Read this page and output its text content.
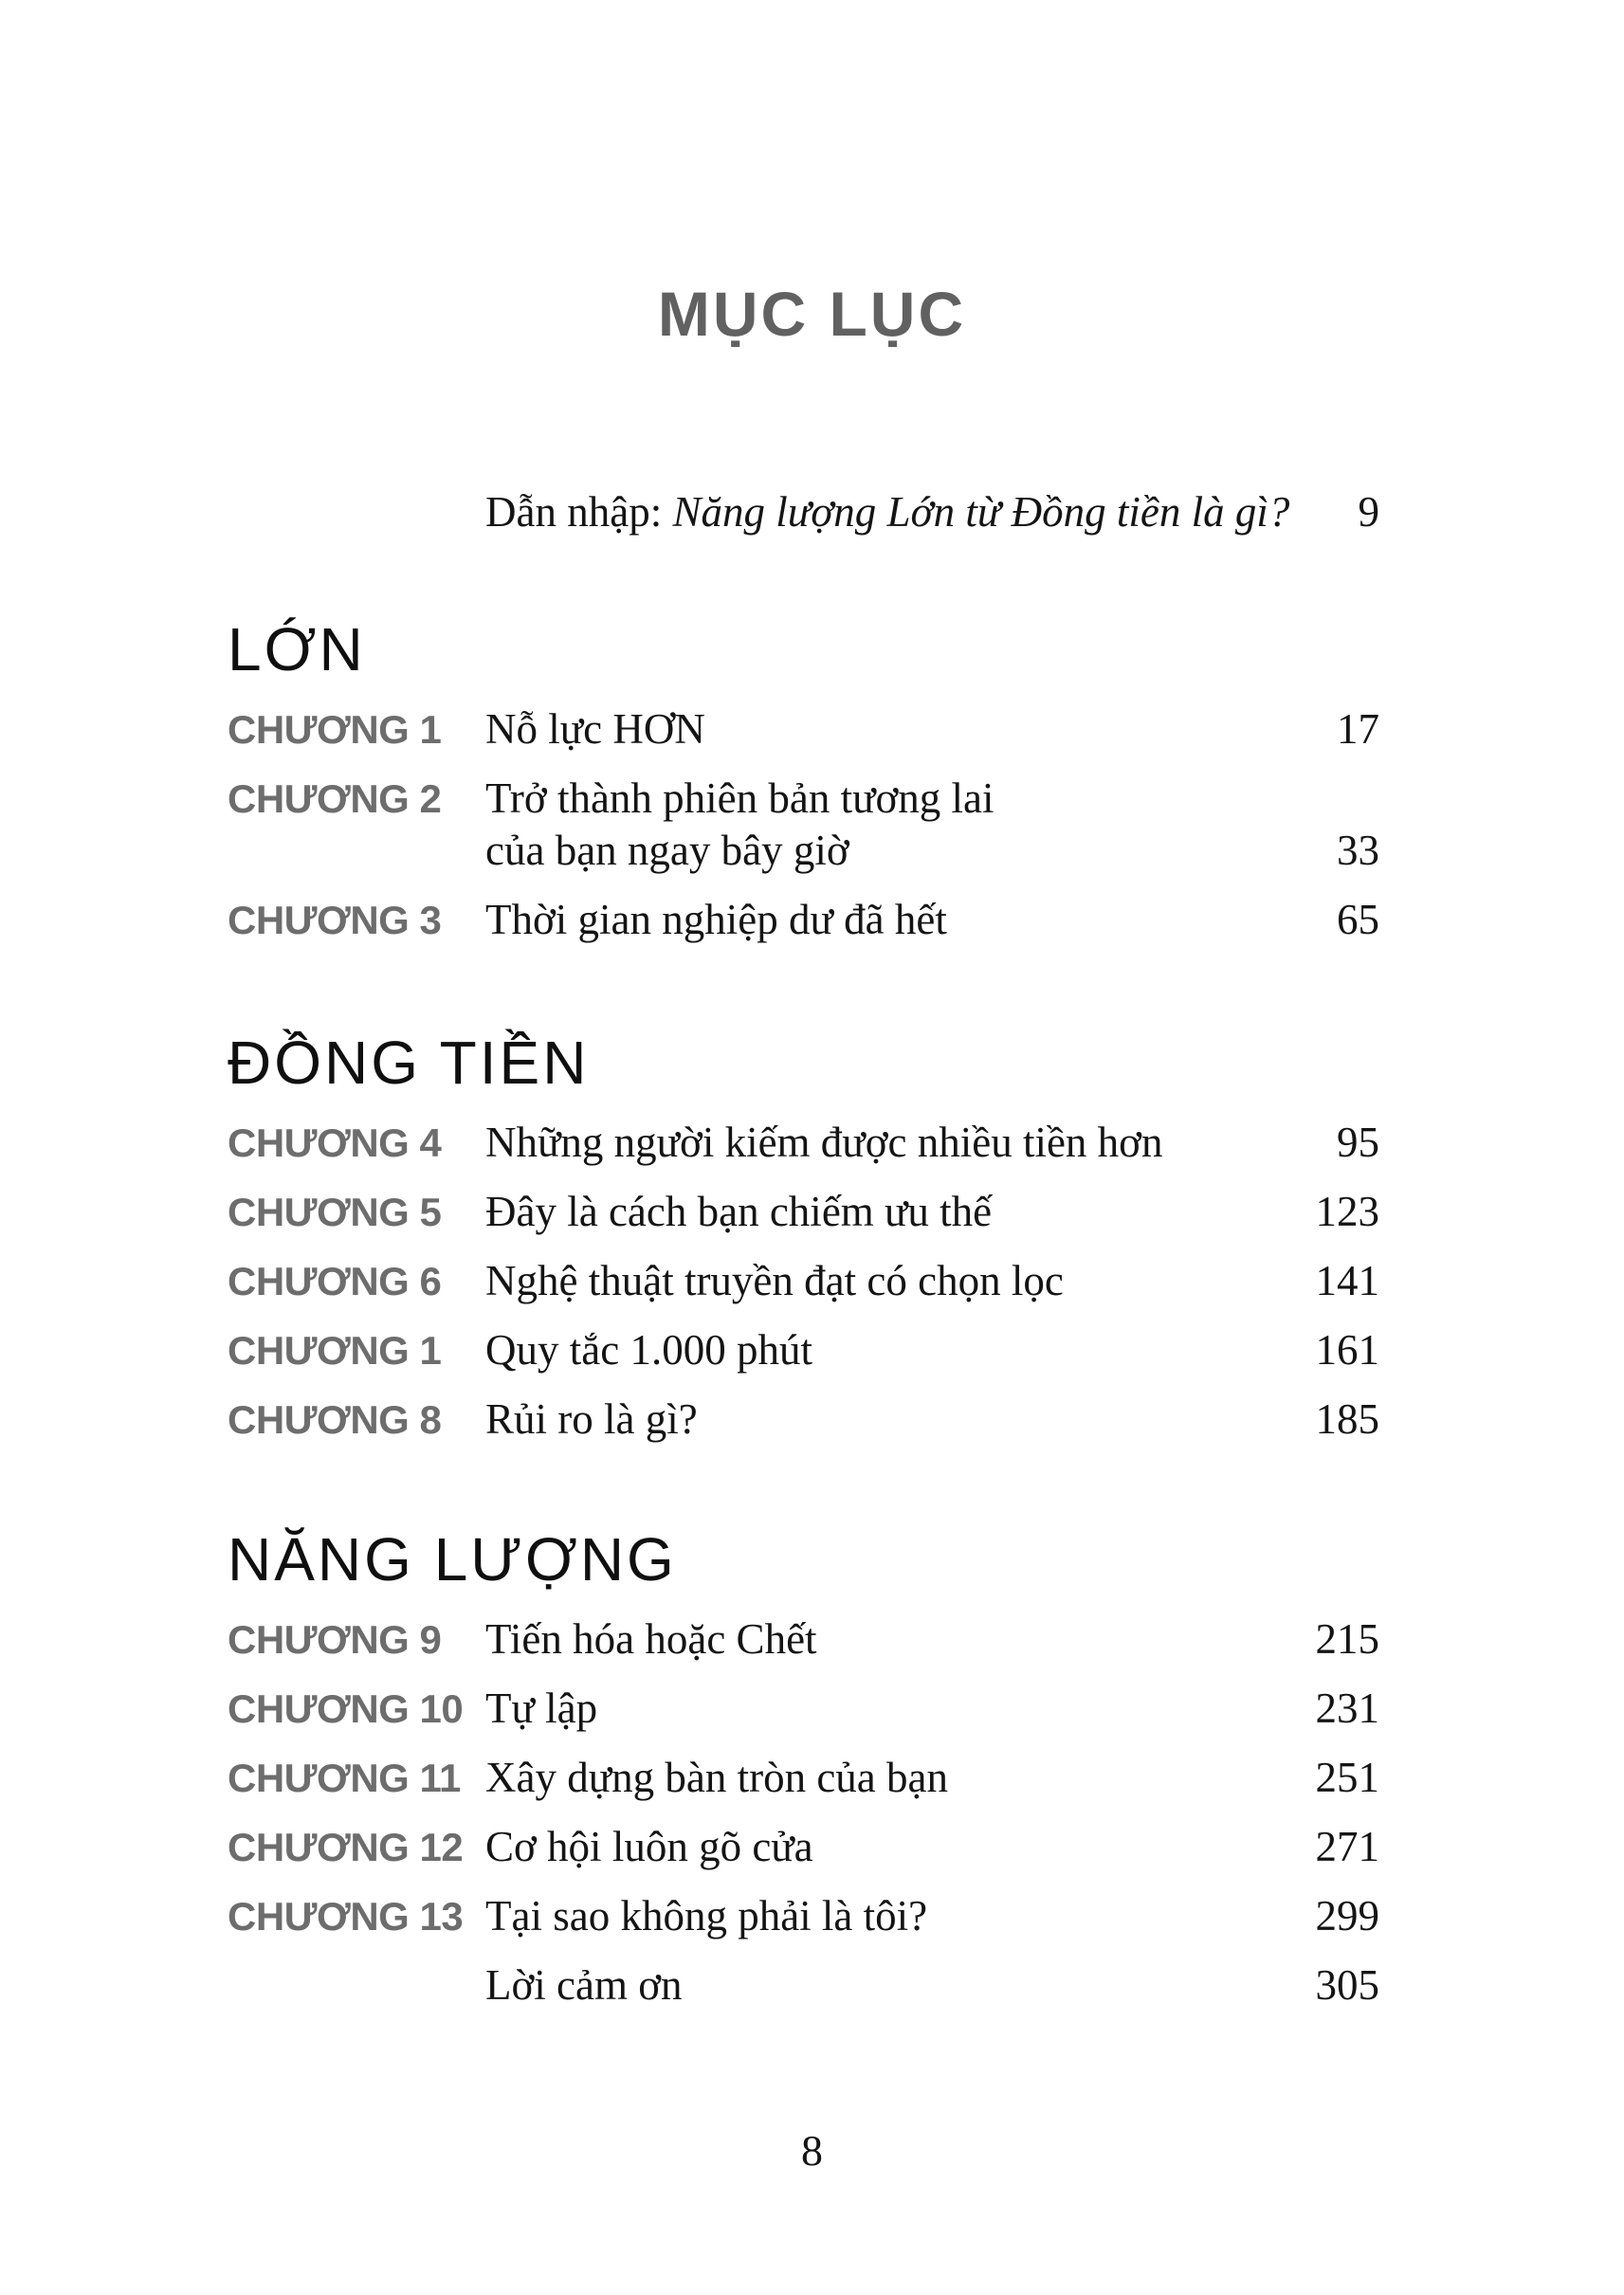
MỤC LỤC
Dẫn nhập: Năng lượng Lớn từ Đồng tiền là gì?	9
LỚN
CHƯƠNG 1	Nỗ lực HƠN	17
CHƯƠNG 2	Trở thành phiên bản tương lai
của bạn ngay bây giờ	33
CHƯƠNG 3	Thời gian nghiệp dư đã hết	65
ĐỒNG TIỀN
CHƯƠNG 4	Những người kiếm được nhiều tiền hơn	95
CHƯƠNG 5	Đây là cách bạn chiếm ưu thế	123
CHƯƠNG 6	Nghệ thuật truyền đạt có chọn lọc	141
CHƯƠNG 1	Quy tắc 1.000 phút	161
CHƯƠNG 8	Rủi ro là gì?	185
NĂNG LƯỢNG
CHƯƠNG 9	Tiến hóa hoặc Chết	215
CHƯƠNG 10 Tự lập	231
CHƯƠNG 11 Xây dựng bàn tròn của bạn	251
CHƯƠNG 12 Cơ hội luôn gõ cửa	271
CHƯƠNG 13 Tại sao không phải là tôi?	299
Lời cảm ơn	305
8
